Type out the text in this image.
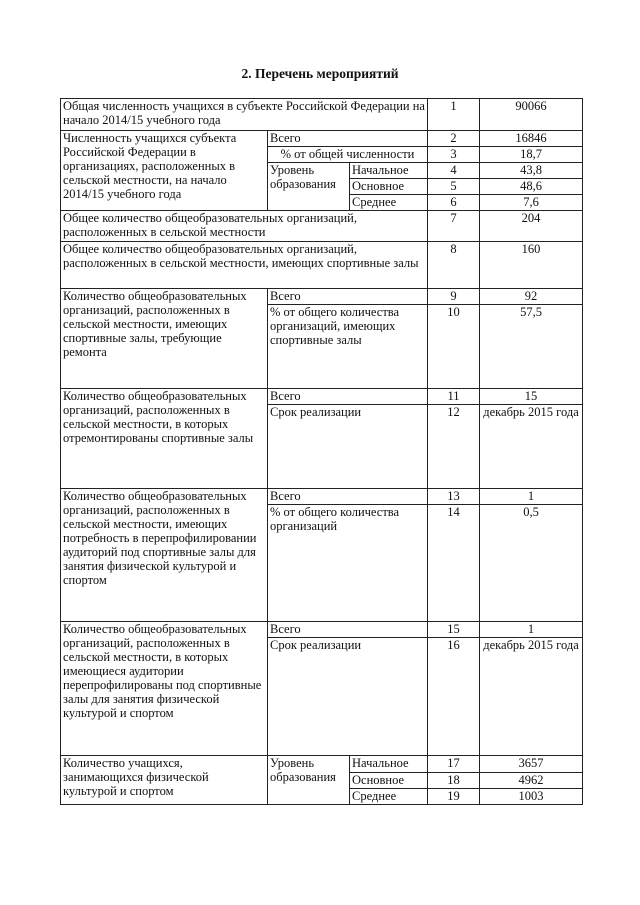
2. Перечень мероприятий
Общая численность учащихся в субъекте Российской Федерации на начало 2014/15 учебного года			1	90066
Численность учащихся субъекта Российской Федерации в организациях, расположенных в сельской местности, на начало 2014/15 учебного года	Всего		2	16846
	% от общей численности		3	18,7
	Уровень образования	Начальное	4	43,8
		Основное	5	48,6
		Среднее	6	7,6
Общее количество общеобразовательных организаций, расположенных в сельской местности			7	204
Общее количество общеобразовательных организаций, расположенных в сельской местности, имеющих спортивные залы			8	160
Количество общеобразовательных организаций, расположенных в сельской местности, имеющих спортивные залы, требующие ремонта	Всего		9	92
	% от общего количества организаций, имеющих спортивные залы		10	57,5
Количество общеобразовательных организаций, расположенных в сельской местности, в которых отремонтированы спортивные залы	Всего		11	15
	Срок реализации		12	декабрь 2015 года
Количество общеобразовательных организаций, расположенных в сельской местности, имеющих потребность в перепрофилировании аудиторий под спортивные залы для занятия физической культурой и спортом	Всего		13	1
	% от общего количества организаций		14	0,5
Количество общеобразовательных организаций, расположенных в сельской местности, в которых имеющиеся аудитории перепрофилированы под спортивные залы для занятия физической культурой и спортом	Всего		15	1
	Срок реализации		16	декабрь 2015 года
Количество учащихся, занимающихся физической культурой и спортом	Уровень образования	Начальное	17	3657
		Основное	18	4962
		Среднее	19	1003
